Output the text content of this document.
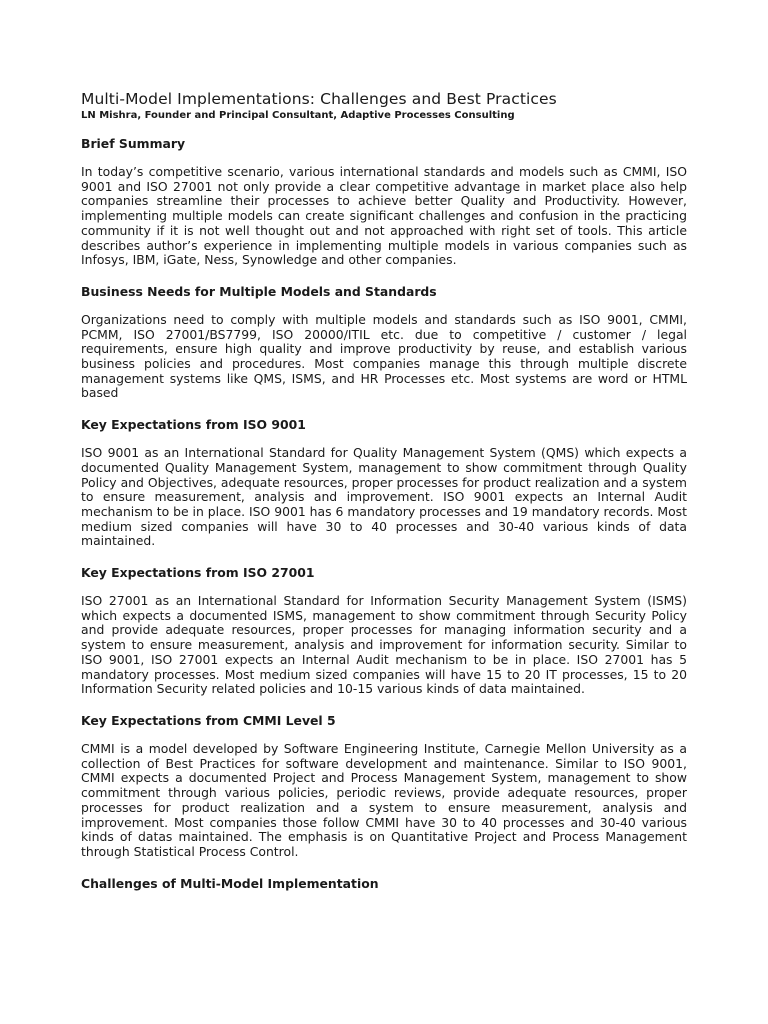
Multi-Model Implementations: Challenges and Best Practices
LN Mishra, Founder and Principal Consultant, Adaptive Processes Consulting
Brief Summary

In today’s competitive scenario, various international standards and models such as CMMI, ISO 9001 and ISO 27001 not only provide a clear competitive advantage in market place also help companies streamline their processes to achieve better Quality and Productivity. However, implementing multiple models can create significant challenges and confusion in the practicing community if it is not well thought out and not approached with right set of tools. This article describes author’s experience in implementing multiple models in various companies such as Infosys, IBM, iGate, Ness, Synowledge and other companies.

Business Needs for Multiple Models and Standards

Organizations need to comply with multiple models and standards such as ISO 9001, CMMI, PCMM, ISO 27001/BS7799, ISO 20000/ITIL etc. due to competitive / customer / legal requirements, ensure high quality and improve productivity by reuse, and establish various business policies and procedures. Most companies manage this through multiple discrete management systems like QMS, ISMS, and HR Processes etc. Most systems are word or HTML based

Key Expectations from ISO 9001

ISO 9001 as an International Standard for Quality Management System (QMS) which expects a documented Quality Management System, management to show commitment through Quality Policy and Objectives, adequate resources, proper processes for product realization and a system to ensure measurement, analysis and improvement. ISO 9001 expects an Internal Audit mechanism to be in place. ISO 9001 has 6 mandatory processes and 19 mandatory records. Most medium sized companies will have 30 to 40 processes and 30-40 various kinds of data maintained.

Key Expectations from ISO 27001

ISO 27001 as an International Standard for Information Security Management System (ISMS) which expects a documented ISMS, management to show commitment through Security Policy and provide adequate resources, proper processes for managing information security and a system to ensure measurement, analysis and improvement for information security. Similar to ISO 9001, ISO 27001 expects an Internal Audit mechanism to be in place. ISO 27001 has 5 mandatory processes. Most medium sized companies will have 15 to 20 IT processes, 15 to 20 Information Security related policies and 10-15 various kinds of data maintained.

Key Expectations from CMMI Level 5

CMMI is a model developed by Software Engineering Institute, Carnegie Mellon University as a collection of Best Practices for software development and maintenance. Similar to ISO 9001, CMMI expects a documented Project and Process Management System, management to show commitment through various policies, periodic reviews, provide adequate resources, proper processes for product realization and a system to ensure measurement, analysis and improvement. Most companies those follow CMMI have 30 to 40 processes and 30-40 various kinds of datas maintained. The emphasis is on Quantitative Project and Process Management through Statistical Process Control.

Challenges of Multi-Model Implementation
